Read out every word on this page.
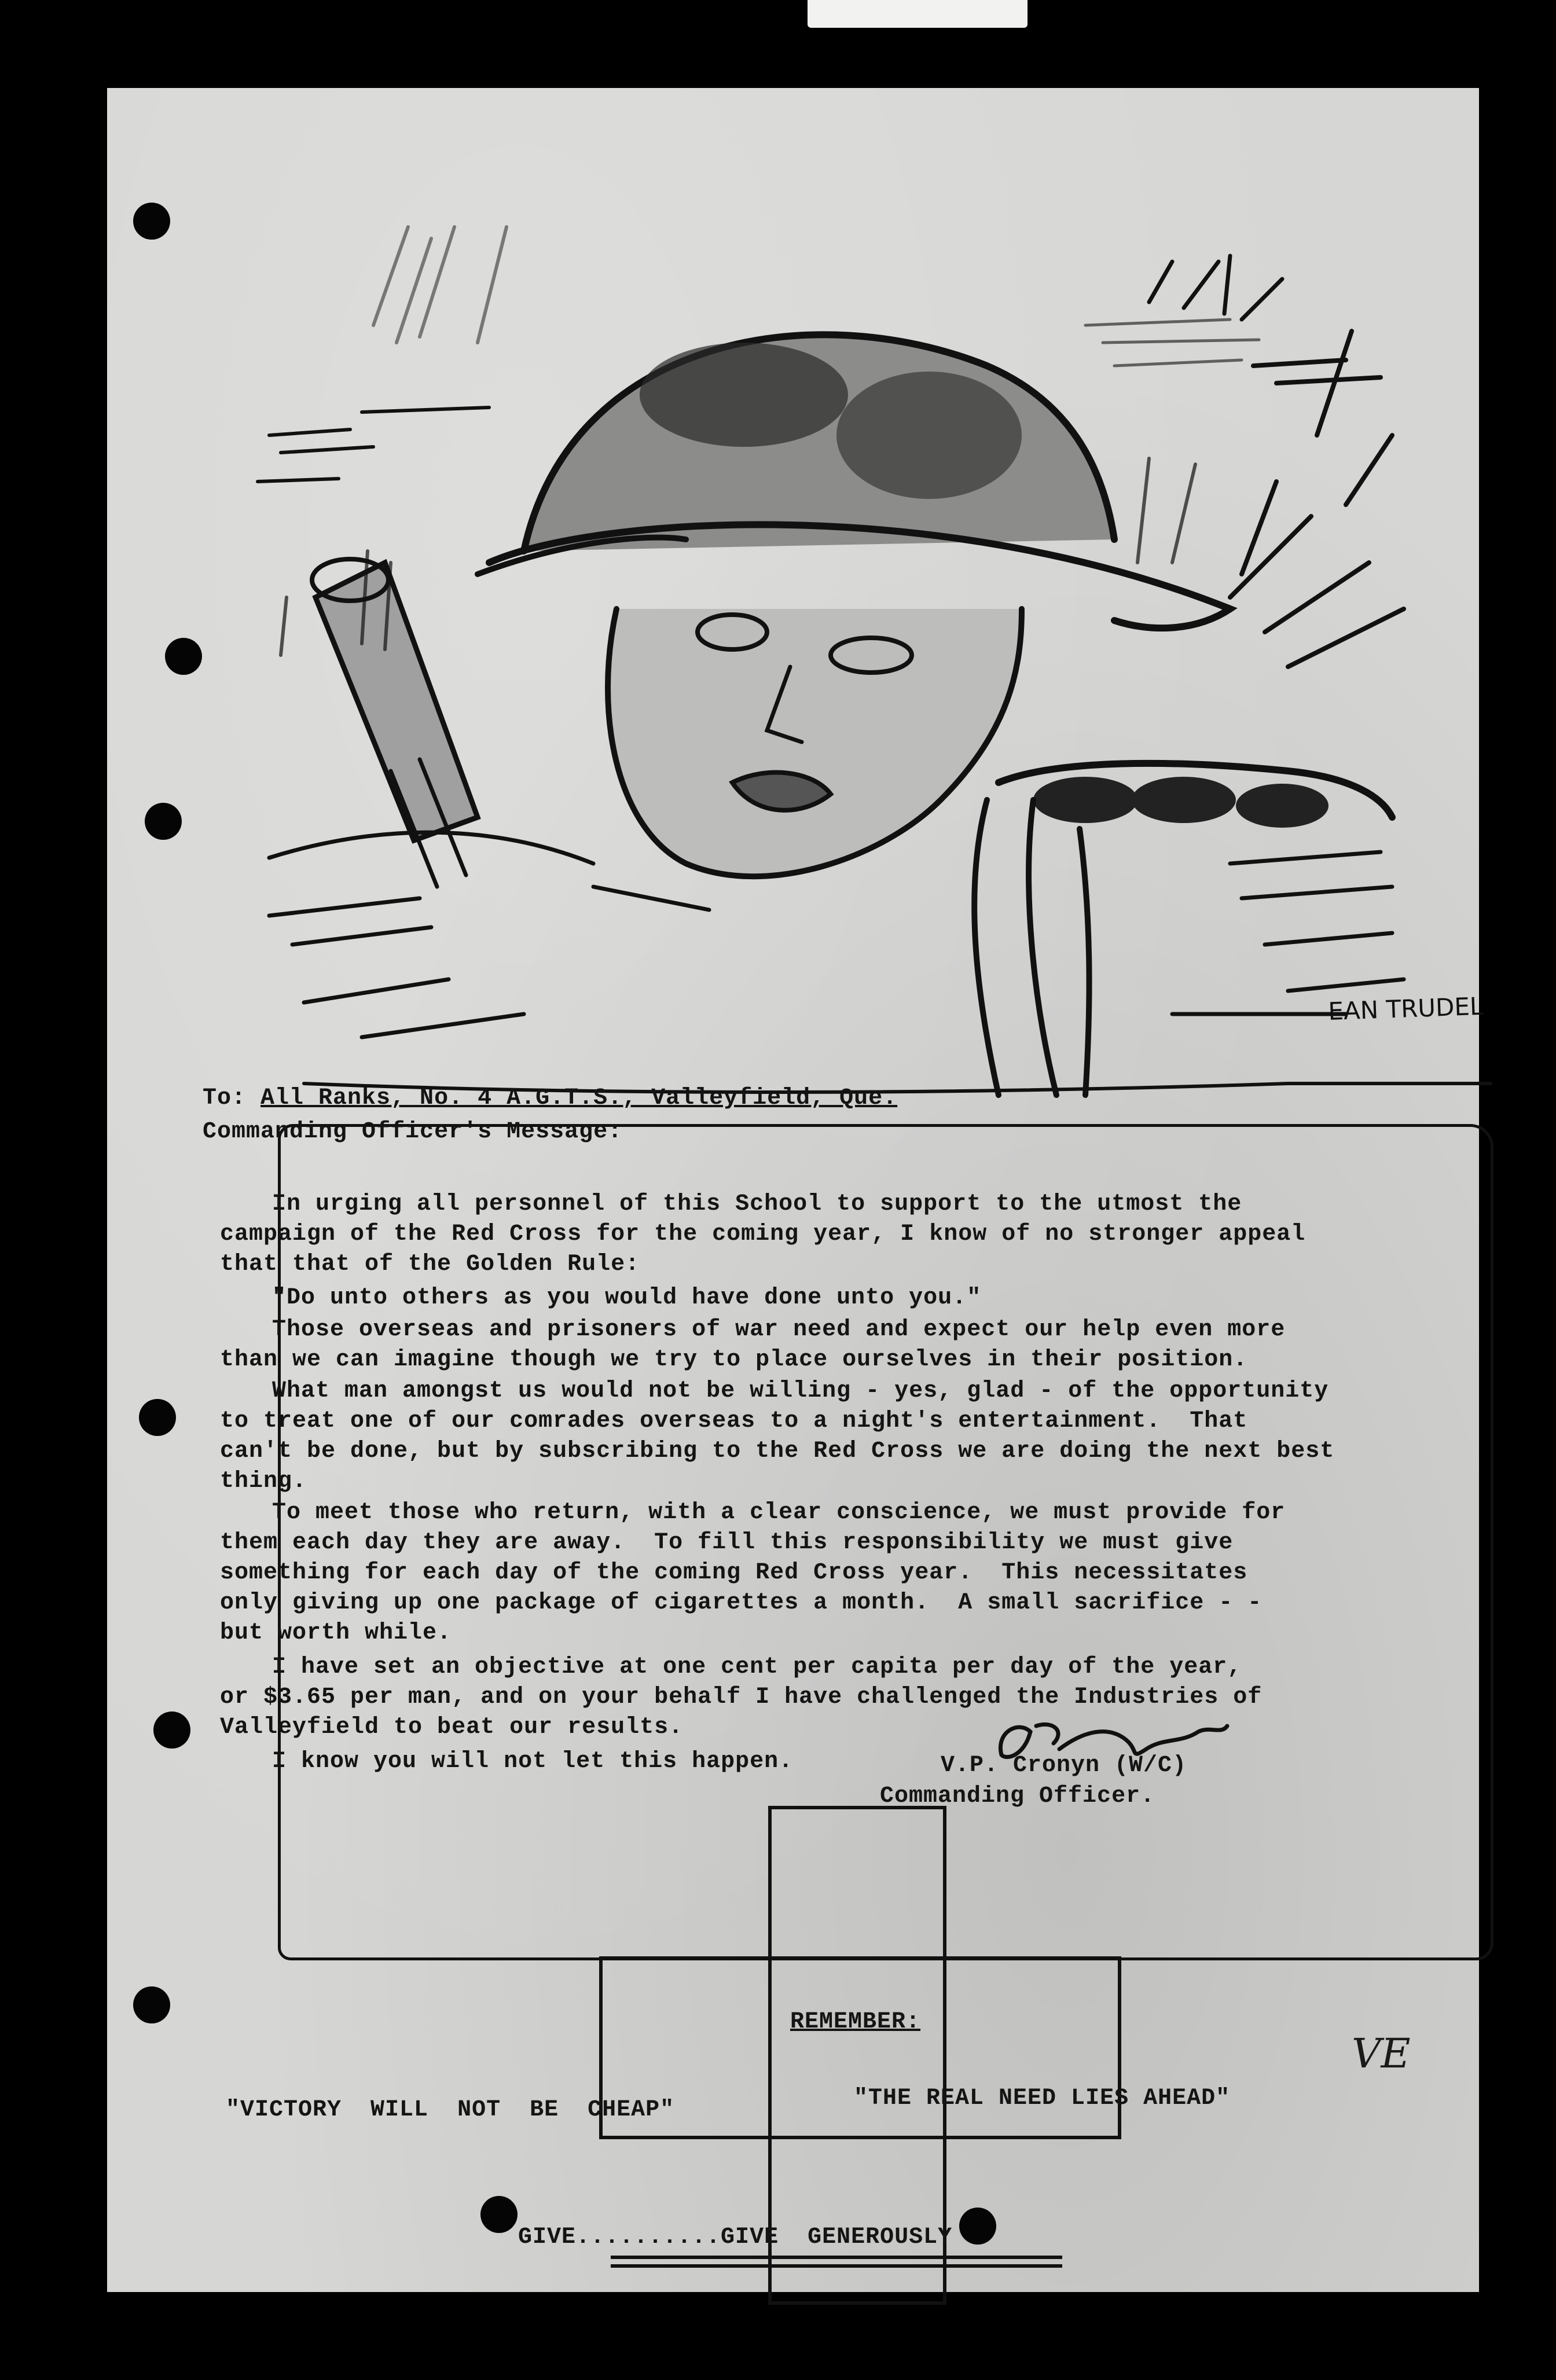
EAN TRUDEL
To: All Ranks, No. 4 A.G.T.S., Valleyfield, Que.
Commanding Officer's Message:
In urging all personnel of this School to support to the utmost the
campaign of the Red Cross for the coming year, I know of no stronger appeal
that that of the Golden Rule:
"Do unto others as you would have done unto you."
Those overseas and prisoners of war need and expect our help even more
than we can imagine though we try to place ourselves in their position.
What man amongst us would not be willing - yes, glad - of the opportunity
to treat one of our comrades overseas to a night's entertainment.  That
can't be done, but by subscribing to the Red Cross we are doing the next best
thing.
To meet those who return, with a clear conscience, we must provide for
them each day they are away.  To fill this responsibility we must give
something for each day of the coming Red Cross year.  This necessitates
only giving up one package of cigarettes a month.  A small sacrifice - -
but worth while.
I have set an objective at one cent per capita per day of the year,
or $3.65 per man, and on your behalf I have challenged the Industries of
Valleyfield to beat our results.
I know you will not let this happen.	V.P. Cronyn (W/C)
Commanding Officer.
REMEMBER:
"VICTORY  WILL  NOT  BE  CHEAP"	"THE REAL NEED LIES AHEAD"
GIVE..........GIVE  GENEROUSLY
VE
